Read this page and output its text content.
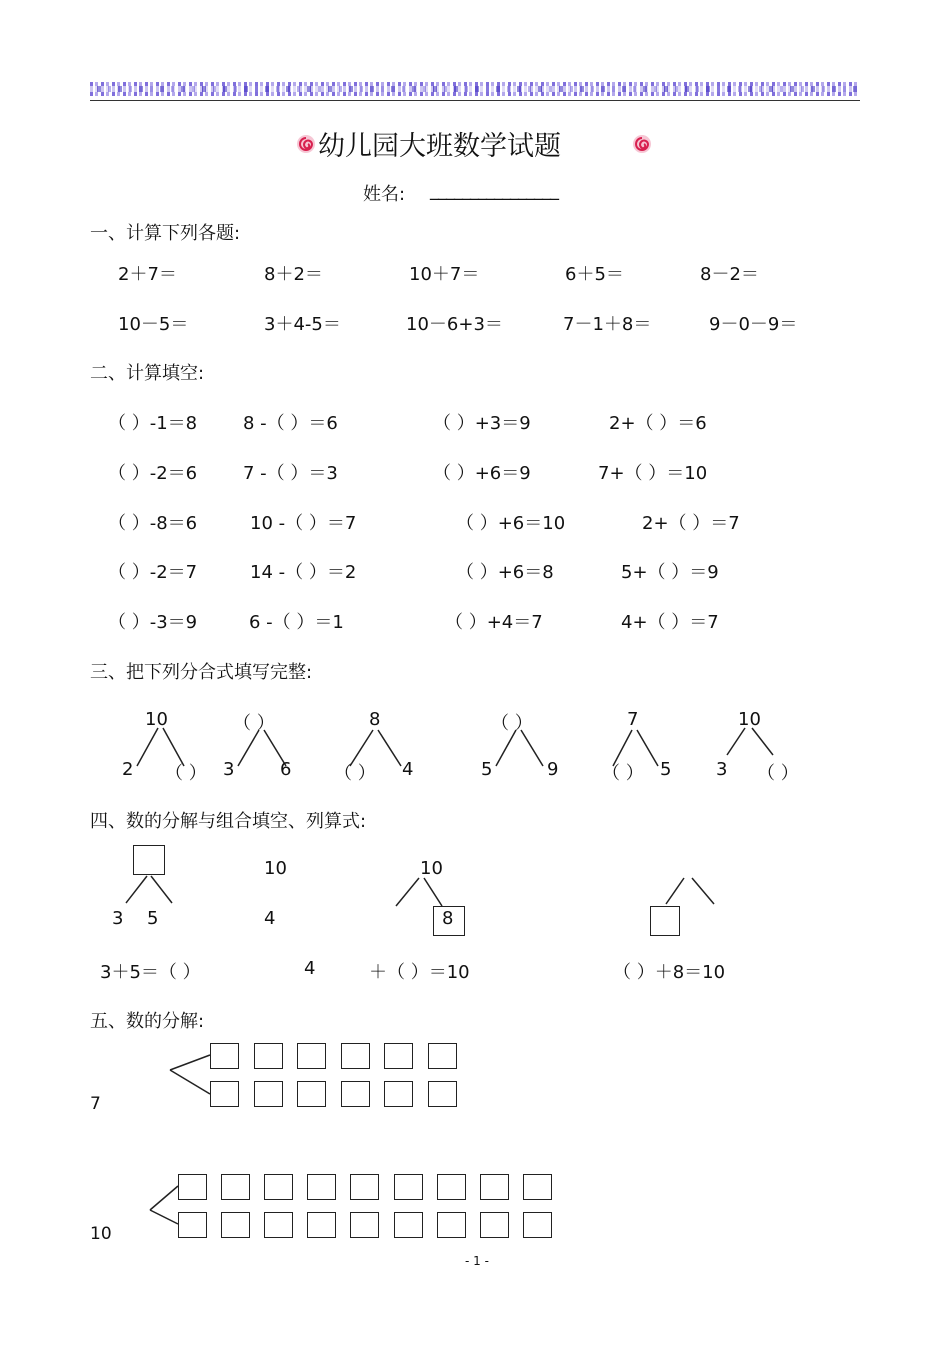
幼儿园大班数学试题
姓名: ________________
一、计算下列各题:
2＋7＝	8＋2＝	10＋7＝	6＋5＝	8－2＝
10－5＝	3＋4-5＝	10－6+3＝	7－1＋8＝	9－0－9＝
二、计算填空:
（ ）-1＝8	8 -（ ）＝6	（ ）+3＝9	2+（ ）＝6
（ ）-2＝6	7 -（ ）＝3	（ ）+6＝9	7+（ ）＝10
（ ）-8＝6	10 -（ ）＝7	（ ）+6＝10	2+（ ）＝7
（ ）-2＝7	14 -（ ）＝2	（ ）+6＝8	5+（ ）＝9
（ ）-3＝9	6 -（ ）＝1	（ ）+4＝7	4+（ ）＝7
三、把下列分合式填写完整:
10
2 （ ）
（ ）
3	6
8
（ ） 4
（ ）
5	9
7
（ ） 5
10
3 （ ）
四、数的分解与组合填空、列算式:
3 5
10
4
10
8
3＋5＝（ ）	4	＋（ ）＝10	（ ）＋8＝10
五、数的分解:
7
10
- 1 -
